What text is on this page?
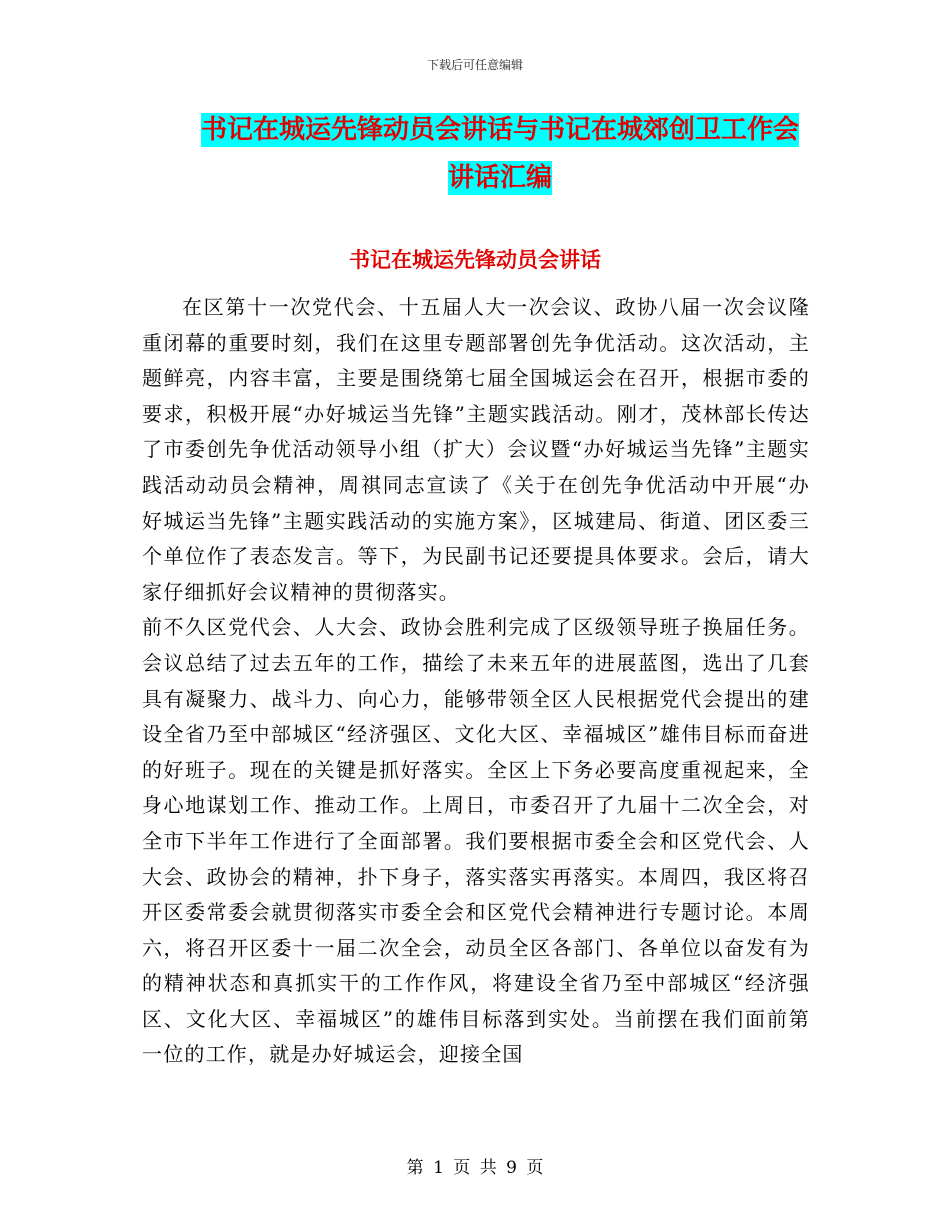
下载后可任意编辑
书记在城运先锋动员会讲话与书记在城郊创卫工作会
讲话汇编
书记在城运先锋动员会讲话

在区第十一次党代会、十五届人大一次会议、政协八届一次会议隆重闭幕的重要时刻，我们在这里专题部署创先争优活动。这次活动，主题鲜亮，内容丰富，主要是围绕第七届全国城运会在召开，根据市委的要求，积极开展“办好城运当先锋”主题实践活动。刚才，茂林部长传达了市委创先争优活动领导小组（扩大）会议暨“办好城运当先锋”主题实践活动动员会精神，周祺同志宣读了《关于在创先争优活动中开展“办好城运当先锋”主题实践活动的实施方案》，区城建局、街道、团区委三个单位作了表态发言。等下，为民副书记还要提具体要求。会后，请大家仔细抓好会议精神的贯彻落实。

前不久区党代会、人大会、政协会胜利完成了区级领导班子换届任务。会议总结了过去五年的工作，描绘了未来五年的进展蓝图，选出了几套具有凝聚力、战斗力、向心力，能够带领全区人民根据党代会提出的建设全省乃至中部城区“经济强区、文化大区、幸福城区”雄伟目标而奋进的好班子。现在的关键是抓好落实。全区上下务必要高度重视起来，全身心地谋划工作、推动工作。上周日，市委召开了九届十二次全会，对全市下半年工作进行了全面部署。我们要根据市委全会和区党代会、人大会、政协会的精神，扑下身子，落实落实再落实。本周四，我区将召开区委常委会就贯彻落实市委全会和区党代会精神进行专题讨论。本周六，将召开区委十一届二次全会，动员全区各部门、各单位以奋发有为的精神状态和真抓实干的工作作风，将建设全省乃至中部城区“经济强区、文化大区、幸福城区”的雄伟目标落到实处。当前摆在我们面前第一位的工作，就是办好城运会，迎接全国

第 1 页 共 9 页
